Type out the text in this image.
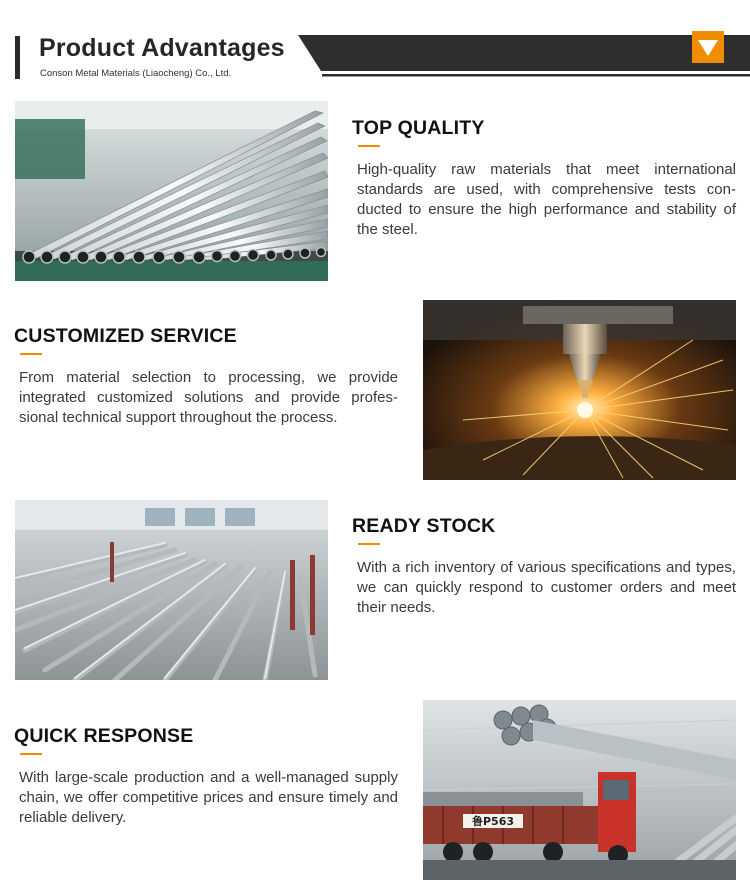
Product Advantages
Conson Metal Materials (Liaocheng) Co., Ltd.
TOP QUALITY
High-quality raw materials that meet international standards are used, with comprehensive tests con-ducted to ensure the high performance and stability of the steel.
CUSTOMIZED SERVICE
From material selection to processing, we provide integrated customized solutions and provide profes-sional technical support throughout the process.
READY STOCK
With a rich inventory of various specifications and types, we can quickly respond to customer orders and meet their needs.
QUICK RESPONSE
With large-scale production and a well-managed supply chain, we offer competitive prices and ensure timely and reliable delivery.	鲁P563
